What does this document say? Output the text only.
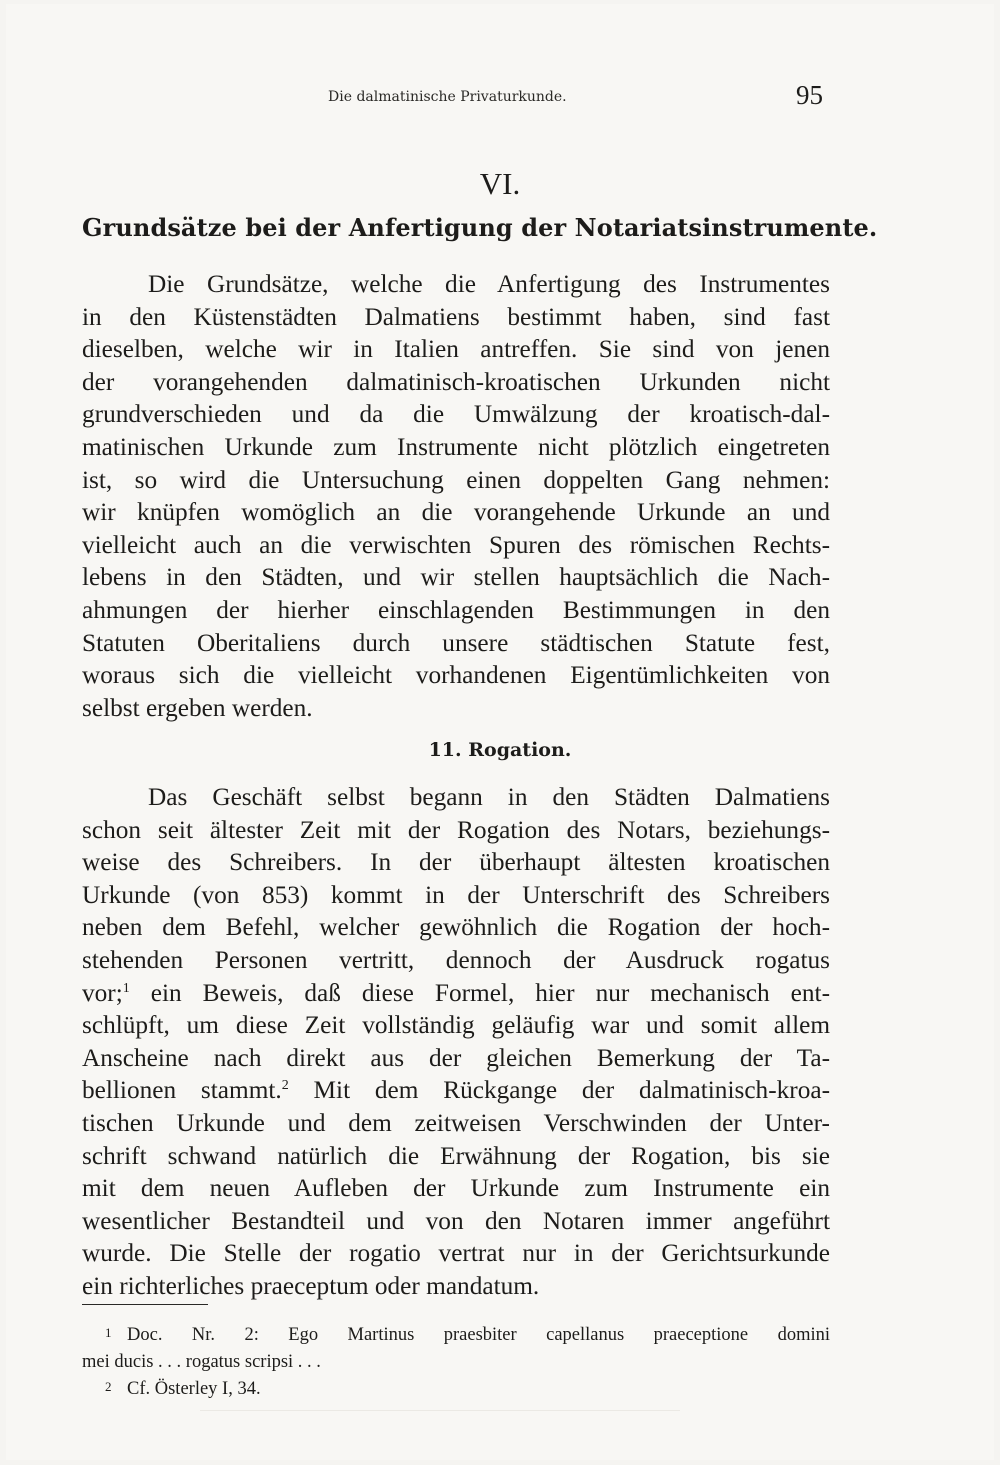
Die dalmatinische Privaturkunde.	95
VI.
Grundsätze bei der Anfertigung der Notariatsinstrumente.
Die Grundsätze, welche die Anfertigung des Instrumentes
in den Küstenstädten Dalmatiens bestimmt haben, sind fast
dieselben, welche wir in Italien antreffen. Sie sind von jenen
der vorangehenden dalmatinisch-kroatischen Urkunden nicht
grundverschieden und da die Umwälzung der kroatisch-dal-
matinischen Urkunde zum Instrumente nicht plötzlich eingetreten
ist, so wird die Untersuchung einen doppelten Gang nehmen:
wir knüpfen womöglich an die vorangehende Urkunde an und
vielleicht auch an die verwischten Spuren des römischen Rechts-
lebens in den Städten, und wir stellen hauptsächlich die Nach-
ahmungen der hierher einschlagenden Bestimmungen in den
Statuten Oberitaliens durch unsere städtischen Statute fest,
woraus sich die vielleicht vorhandenen Eigentümlichkeiten von
selbst ergeben werden.
11. Rogation.
Das Geschäft selbst begann in den Städten Dalmatiens
schon seit ältester Zeit mit der Rogation des Notars, beziehungs-
weise des Schreibers. In der überhaupt ältesten kroatischen
Urkunde (von 853) kommt in der Unterschrift des Schreibers
neben dem Befehl, welcher gewöhnlich die Rogation der hoch-
stehenden Personen vertritt, dennoch der Ausdruck rogatus
vor;$^1$ ein Beweis, daß diese Formel, hier nur mechanisch ent-
schlüpft, um diese Zeit vollständig geläufig war und somit allem
Anscheine nach direkt aus der gleichen Bemerkung der Ta-
bellionen stammt.$^2$ Mit dem Rückgange der dalmatinisch-kroa-
tischen Urkunde und dem zeitweisen Verschwinden der Unter-
schrift schwand natürlich die Erwähnung der Rogation, bis sie
mit dem neuen Aufleben der Urkunde zum Instrumente ein
wesentlicher Bestandteil und von den Notaren immer angeführt
wurde. Die Stelle der rogatio vertrat nur in der Gerichtsurkunde
ein richterliches praeceptum oder mandatum.
1 Doc. Nr. 2: Ego Martinus praesbiter capellanus praeceptione domini
mei ducis . . . rogatus scripsi . . .
2 Cf. Österley I, 34.
